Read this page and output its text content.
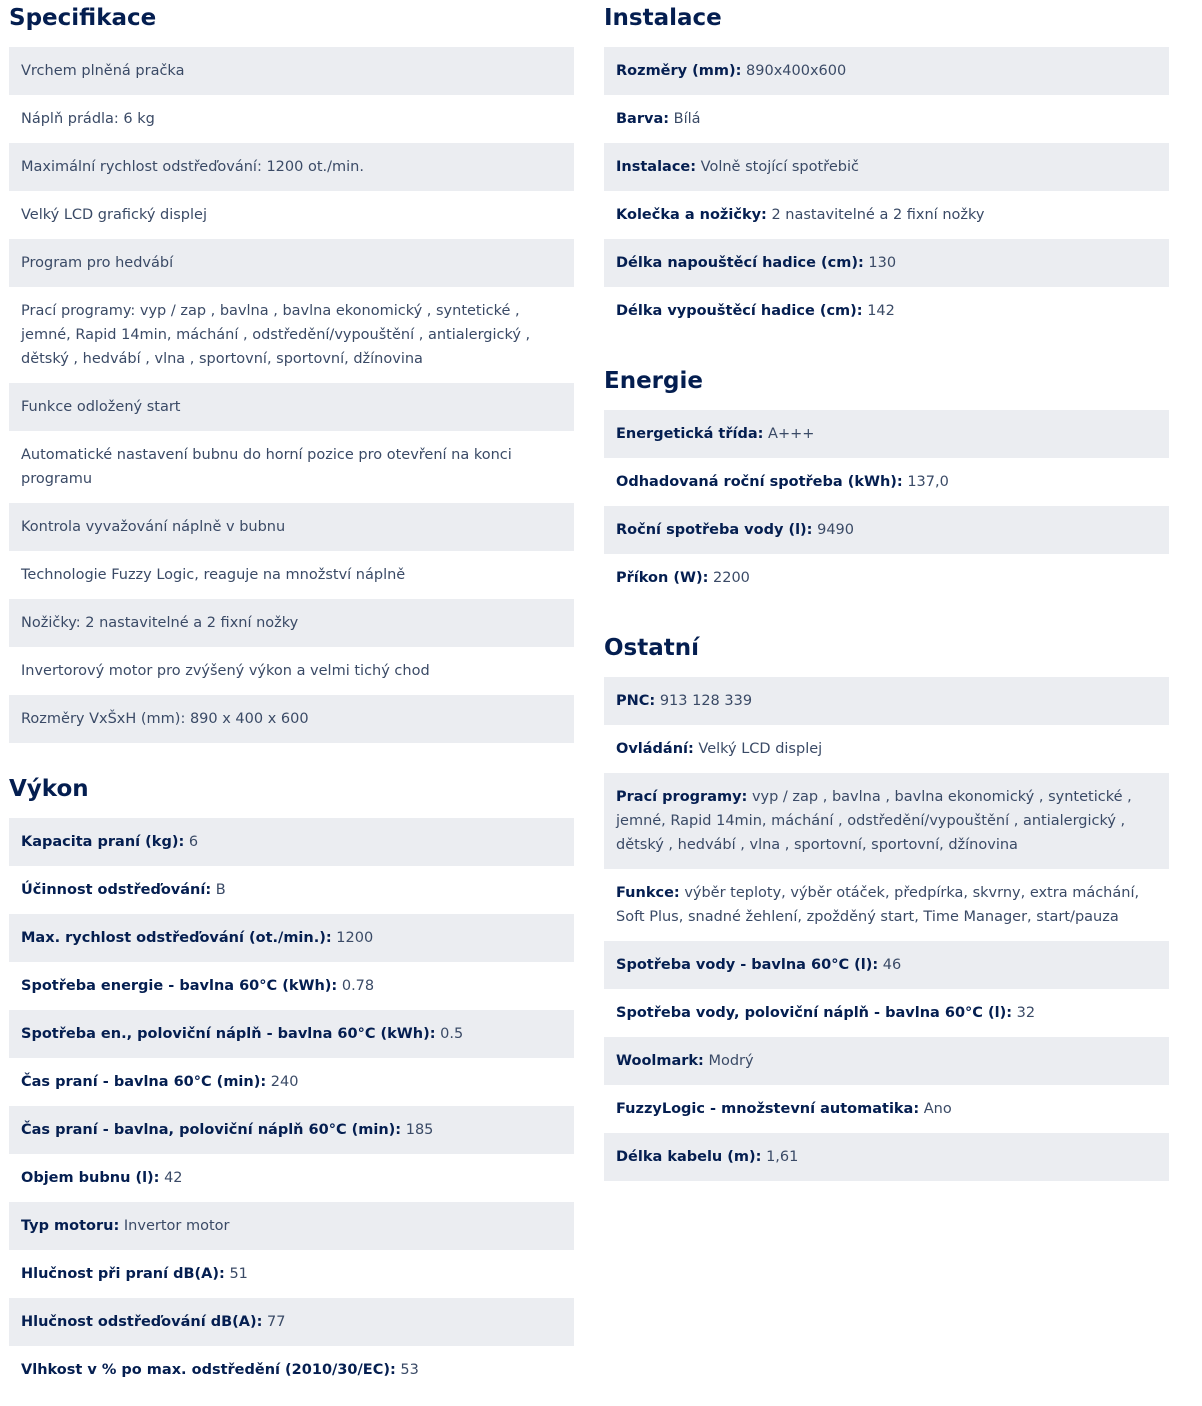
Specifikace
Vrchem plněná pračka
Náplň prádla: 6 kg
Maximální rychlost odstřeďování: 1200 ot./min.
Velký LCD grafický displej
Program pro hedvábí
Prací programy: vyp / zap , bavlna , bavlna ekonomický , syntetické , jemné, Rapid 14min, máchání , odstředění/vypouštění , antialergický , dětský , hedvábí , vlna , sportovní, sportovní, džínovina
Funkce odložený start
Automatické nastavení bubnu do horní pozice pro otevření na konci programu
Kontrola vyvažování náplně v bubnu
Technologie Fuzzy Logic, reaguje na množství náplně
Nožičky: 2 nastavitelné a 2 fixní nožky
Invertorový motor pro zvýšený výkon a velmi tichý chod
Rozměry VxŠxH (mm): 890 x 400 x 600
Výkon
Kapacita praní (kg): 6
Účinnost odstřeďování: B
Max. rychlost odstřeďování (ot./min.): 1200
Spotřeba energie - bavlna 60°C (kWh): 0.78
Spotřeba en., poloviční náplň - bavlna 60°C (kWh): 0.5
Čas praní - bavlna 60°C (min): 240
Čas praní - bavlna, poloviční náplň 60°C (min): 185
Objem bubnu (l): 42
Typ motoru: Invertor motor
Hlučnost při praní dB(A): 51
Hlučnost odstřeďování dB(A): 77
Vlhkost v % po max. odstředění (2010/30/EC): 53
Instalace
Rozměry (mm): 890x400x600
Barva: Bílá
Instalace: Volně stojící spotřebič
Kolečka a nožičky: 2 nastavitelné a 2 fixní nožky
Délka napouštěcí hadice (cm): 130
Délka vypouštěcí hadice (cm): 142
Energie
Energetická třída: A+++
Odhadovaná roční spotřeba (kWh): 137,0
Roční spotřeba vody (l): 9490
Příkon (W): 2200
Ostatní
PNC: 913 128 339
Ovládání: Velký LCD displej
Prací programy: vyp / zap , bavlna , bavlna ekonomický , syntetické , jemné, Rapid 14min, máchání , odstředění/vypouštění , antialergický , dětský , hedvábí , vlna , sportovní, sportovní, džínovina
Funkce: výběr teploty, výběr otáček, předpírka, skvrny, extra máchání, Soft Plus, snadné žehlení, zpožděný start, Time Manager, start/pauza
Spotřeba vody - bavlna 60°C (l): 46
Spotřeba vody, poloviční náplň - bavlna 60°C (l): 32
Woolmark: Modrý
FuzzyLogic - množstevní automatika: Ano
Délka kabelu (m): 1,61
